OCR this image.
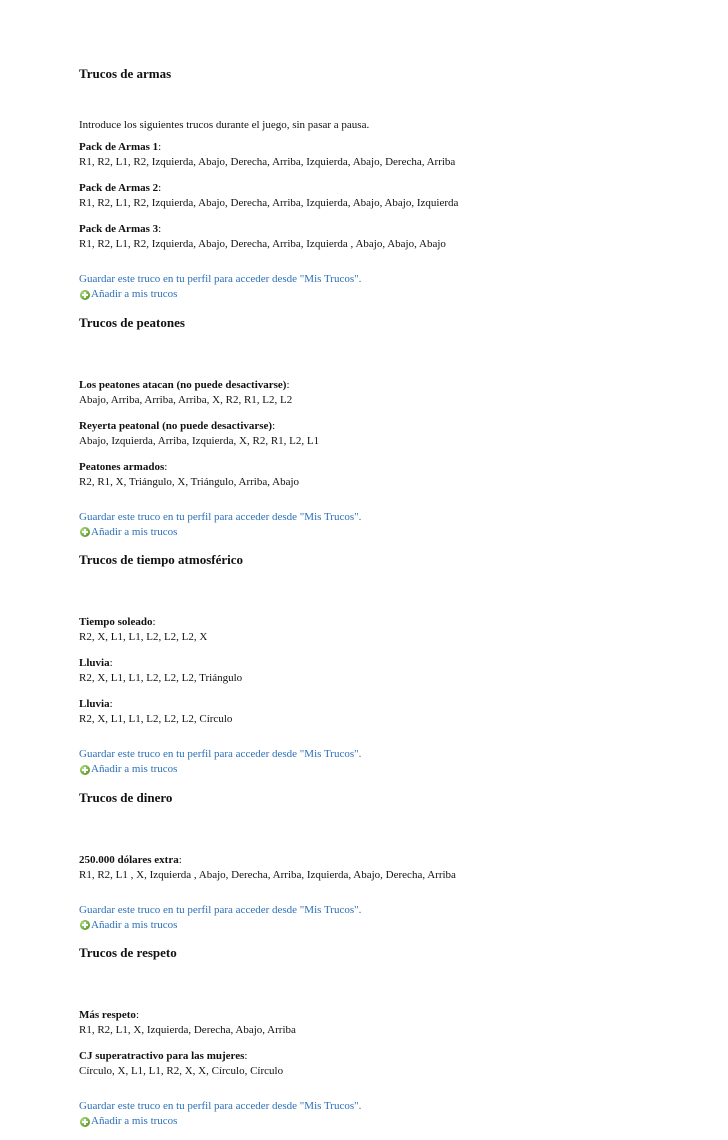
Trucos de armas

Introduce los siguientes trucos durante el juego, sin pasar a pausa.

Pack de Armas 1:
R1, R2, L1, R2, Izquierda, Abajo, Derecha, Arriba, Izquierda, Abajo, Derecha, Arriba
Pack de Armas 2:
R1, R2, L1, R2, Izquierda, Abajo, Derecha, Arriba, Izquierda, Abajo, Abajo, Izquierda
Pack de Armas 3:
R1, R2, L1, R2, Izquierda, Abajo, Derecha, Arriba, Izquierda , Abajo, Abajo, Abajo
Guardar este truco en tu perfil para acceder desde "Mis Trucos".
Añadir a mis trucos
Trucos de peatones
Los peatones atacan (no puede desactivarse):
Abajo, Arriba, Arriba, Arriba, X, R2, R1, L2, L2
Reyerta peatonal (no puede desactivarse):
Abajo, Izquierda, Arriba, Izquierda, X, R2, R1, L2, L1
Peatones armados:
R2, R1, X, Triángulo, X, Triángulo, Arriba, Abajo
Guardar este truco en tu perfil para acceder desde "Mis Trucos".
Añadir a mis trucos
Trucos de tiempo atmosférico
Tiempo soleado:
R2, X, L1, L1, L2, L2, L2, X
Lluvia:
R2, X, L1, L1, L2, L2, L2, Triángulo
Lluvia:
R2, X, L1, L1, L2, L2, L2, Círculo
Guardar este truco en tu perfil para acceder desde "Mis Trucos".
Añadir a mis trucos
Trucos de dinero
250.000 dólares extra:
R1, R2, L1 , X, Izquierda , Abajo, Derecha, Arriba, Izquierda, Abajo, Derecha, Arriba
Guardar este truco en tu perfil para acceder desde "Mis Trucos".
Añadir a mis trucos
Trucos de respeto
Más respeto:
R1, R2, L1, X, Izquierda, Derecha, Abajo, Arriba
CJ superatractivo para las mujeres:
Círculo, X, L1, L1, R2, X, X, Círculo, Círculo
Guardar este truco en tu perfil para acceder desde "Mis Trucos".
Añadir a mis trucos
